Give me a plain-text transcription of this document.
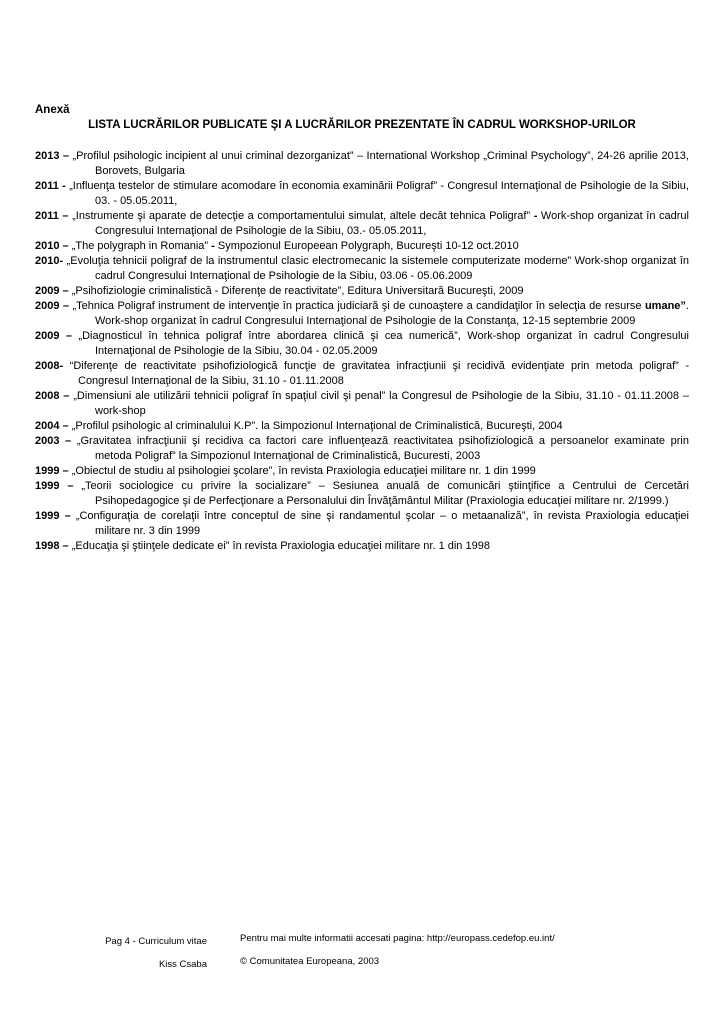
Anexă
LISTA LUCRĂRILOR PUBLICATE ŞI A LUCRĂRILOR PREZENTATE ÎN CADRUL WORKSHOP-URILOR

2013 – „Profilul psihologic incipient al unui criminal dezorganizat” – International Workshop „Criminal Psychology”, 24-26 aprilie 2013, Borovets, Bulgaria

2011 - „Influenţa testelor de stimulare acomodare în economia examinării Poligraf” - Congresul Internaţional de Psihologie de la Sibiu, 03. - 05.05.2011,

2011 – „Instrumente şi aparate de detecţie a comportamentului simulat, altele decât tehnica Poligraf” - Work-shop organizat în cadrul Congresului Internaţional de Psihologie de la Sibiu, 03.- 05.05.2011,

2010 – „The polygraph in Romania” - Sympozionul Europeean Polygraph, Bucureşti 10-12 oct.2010

2010- „Evoluţia tehnicii poligraf de la instrumentul clasic electromecanic la sistemele computerizate moderne” Work-shop organizat în cadrul Congresului Internaţional de Psihologie de la Sibiu, 03.06 - 05.06.2009

2009 – „Psihofiziologie criminalistică - Diferenţe de reactivitate”, Editura Universitară Bucureşti, 2009

2009 – „Tehnica Poligraf instrument de intervenţie în practica judiciară şi de cunoaştere a candidaţilor în selecţia de resurse umane”. Work-shop organizat în cadrul Congresului Internaţional de Psihologie de la Constanţa, 12-15 septembrie 2009

2009 – „Diagnosticul în tehnica poligraf între abordarea clinică şi cea numerică”, Work-shop organizat în cadrul Congresului Internaţional de Psihologie de la Sibiu, 30.04 - 02.05.2009

2008- “Diferenţe de reactivitate psihofiziologică funcţie de gravitatea infracţiunii şi recidivă evidenţiate prin metoda poligraf” - Congresul Internaţional de la Sibiu, 31.10 - 01.11.2008

2008 – „Dimensiuni ale utilizării tehnicii poligraf în spaţiul civil şi penal” la Congresul de Psihologie de la Sibiu, 31.10 - 01.11.2008 – work-shop

2004 – „Profilul psihologic al criminalului K.P”. la Simpozionul Internaţional de Criminalistică, Bucureşti, 2004

2003 – „Gravitatea infracţiunii şi recidiva ca factori care influenţează reactivitatea psihofiziologică a persoanelor examinate prin metoda Poligraf” la Simpozionul Internaţional de Criminalistică, Bucuresti, 2003

1999 – „Obiectul de studiu al psihologiei şcolare”, în revista Praxiologia educaţiei militare nr. 1 din 1999

1999 – „Teorii sociologice cu privire la socializare” – Sesiunea anuală de comunicări ştiinţifice a Centrului de Cercetări Psihopedagogice şi de Perfecţionare a Personalului din Învăţământul Militar (Praxiologia educaţiei militare nr. 2/1999.)

1999 – „Configuraţia de corelaţii între conceptul de sine şi randamentul şcolar – o metaanaliză”, în revista Praxiologia educaţiei militare nr. 3 din 1999

1998 – „Educaţia şi ştiinţele dedicate ei” în revista Praxiologia educaţiei militare nr. 1 din 1998

Pag 4 - Curriculum vitae
Kiss Csaba
Pentru mai multe informatii accesati pagina: http://europass.cedefop.eu.int/
© Comunitatea Europeana, 2003
